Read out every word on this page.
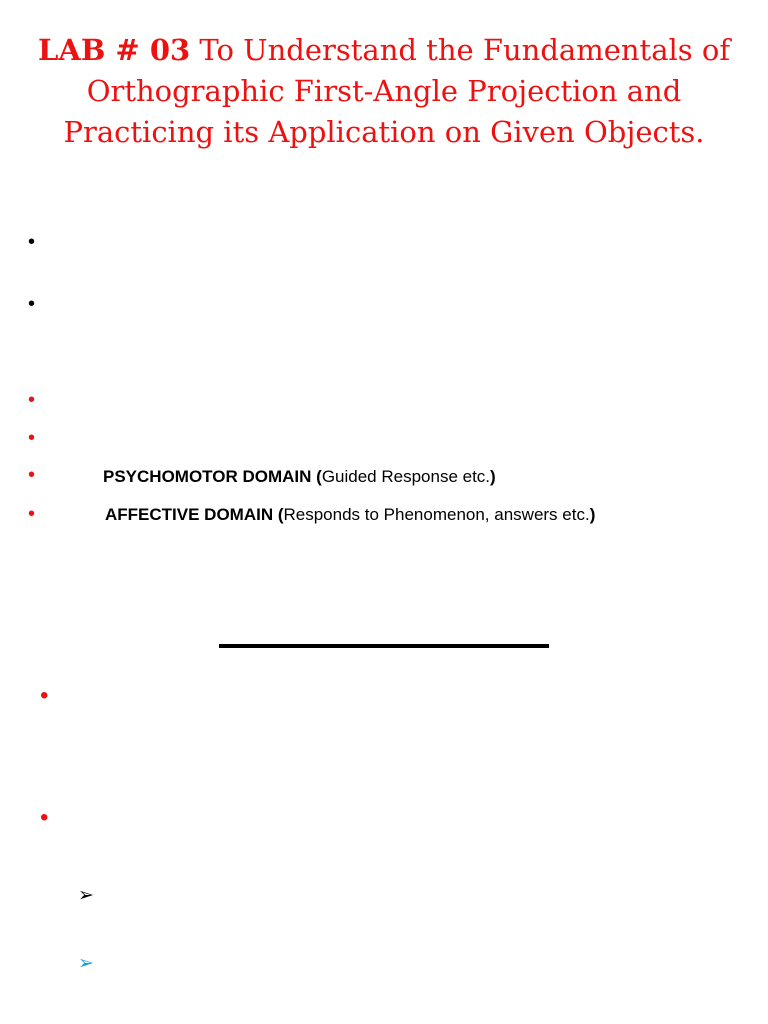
LAB # 03 To Understand the Fundamentals of Orthographic First-Angle Projection and Practicing its Application on Given Objects.
•
•
•
•
•
•
PSYCHOMOTOR DOMAIN (Guided Response etc.)
AFFECTIVE DOMAIN (Responds to Phenomenon, answers etc.)
•
•
➢
➢
